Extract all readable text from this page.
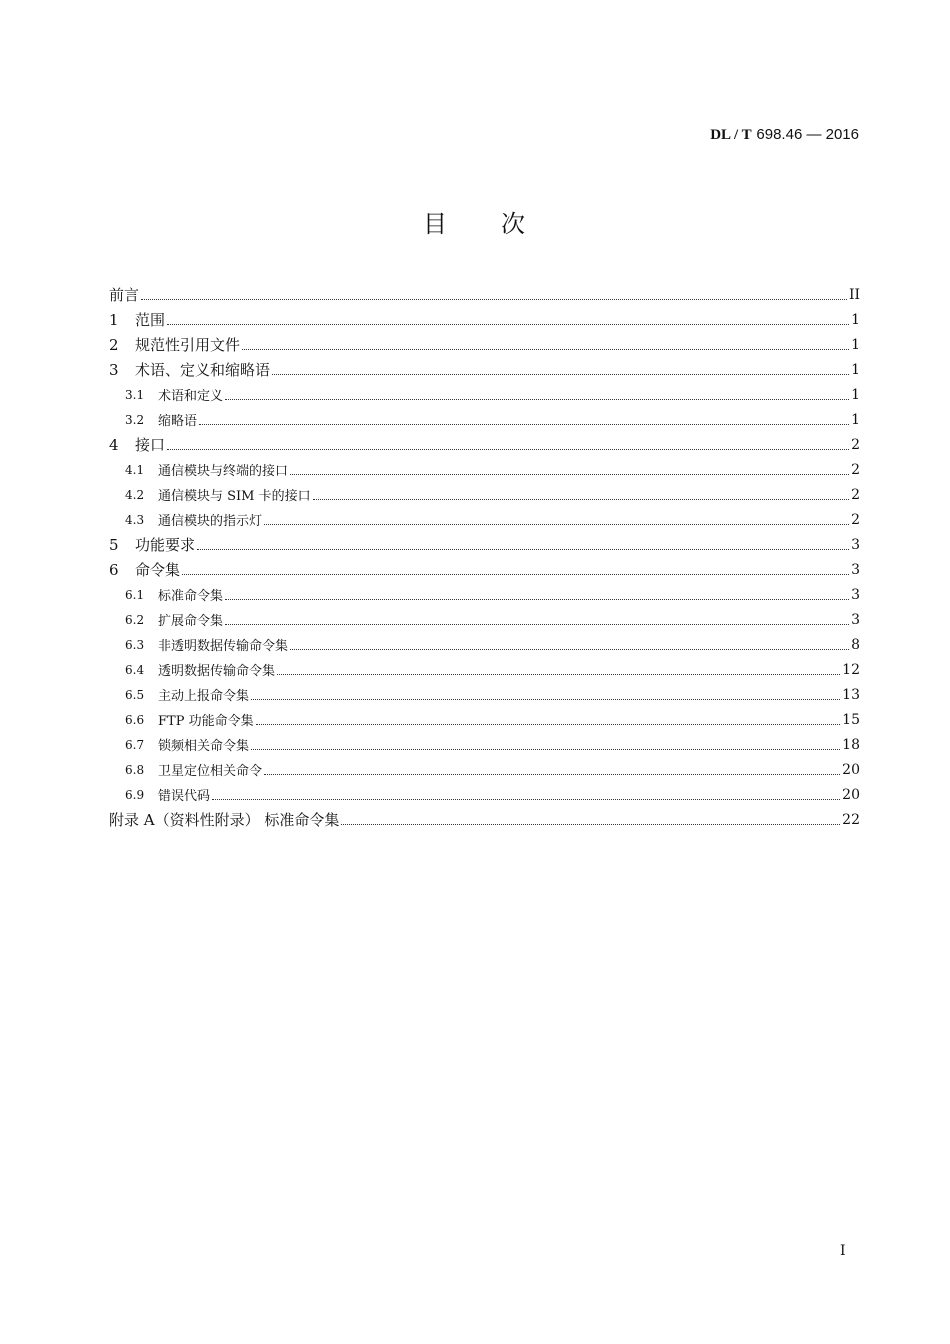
DL / T 698.46 — 2016
目 次
前言	II
1	范围	1
2	规范性引用文件	1
3	术语、定义和缩略语	1
3.1	术语和定义	1
3.2	缩略语	1
4	接口	2
4.1	通信模块与终端的接口	2
4.2	通信模块与 SIM 卡的接口	2
4.3	通信模块的指示灯	2
5	功能要求	3
6	命令集	3
6.1	标准命令集	3
6.2	扩展命令集	3
6.3	非透明数据传输命令集	8
6.4	透明数据传输命令集	12
6.5	主动上报命令集	13
6.6	FTP 功能命令集	15
6.7	锁频相关命令集	18
6.8	卫星定位相关命令	20
6.9	错误代码	20
附录 A（资料性附录） 标准命令集	22
I
